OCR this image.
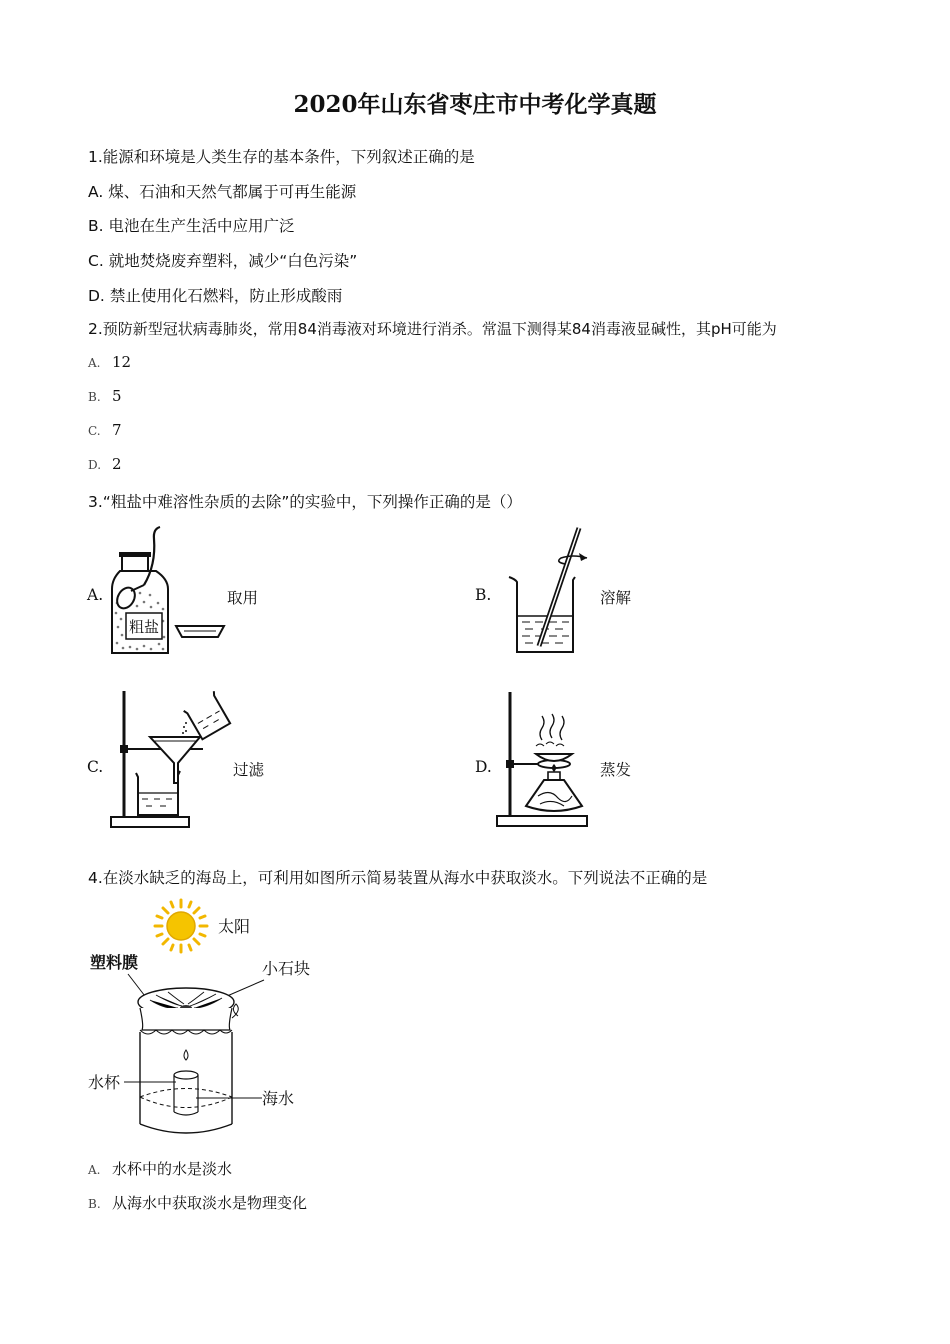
2020年山东省枣庄市中考化学真题
1.能源和环境是人类生存的基本条件，下列叙述正确的是
A. 煤、石油和天然气都属于可再生能源
B. 电池在生产生活中应用广泛
C. 就地焚烧废弃塑料，减少“白色污染”
D. 禁止使用化石燃料，防止形成酸雨
2.预防新型冠状病毒肺炎，常用84消毒液对环境进行消杀。常温下测得某84消毒液显碱性，其pH可能为
A. 12
B. 5
C. 7
D. 2
3.“粗盐中难溶性杂质的去除”的实验中，下列操作正确的是（）
A.
粗盐
取用	B.	溶解
C.	过滤	D.	蒸发
4.在淡水缺乏的海岛上，可利用如图所示简易装置从海水中获取淡水。下列说法不正确的是
太阳
塑料膜	小石块
水杯
海水
A. 水杯中的水是淡水
B. 从海水中获取淡水是物理变化
